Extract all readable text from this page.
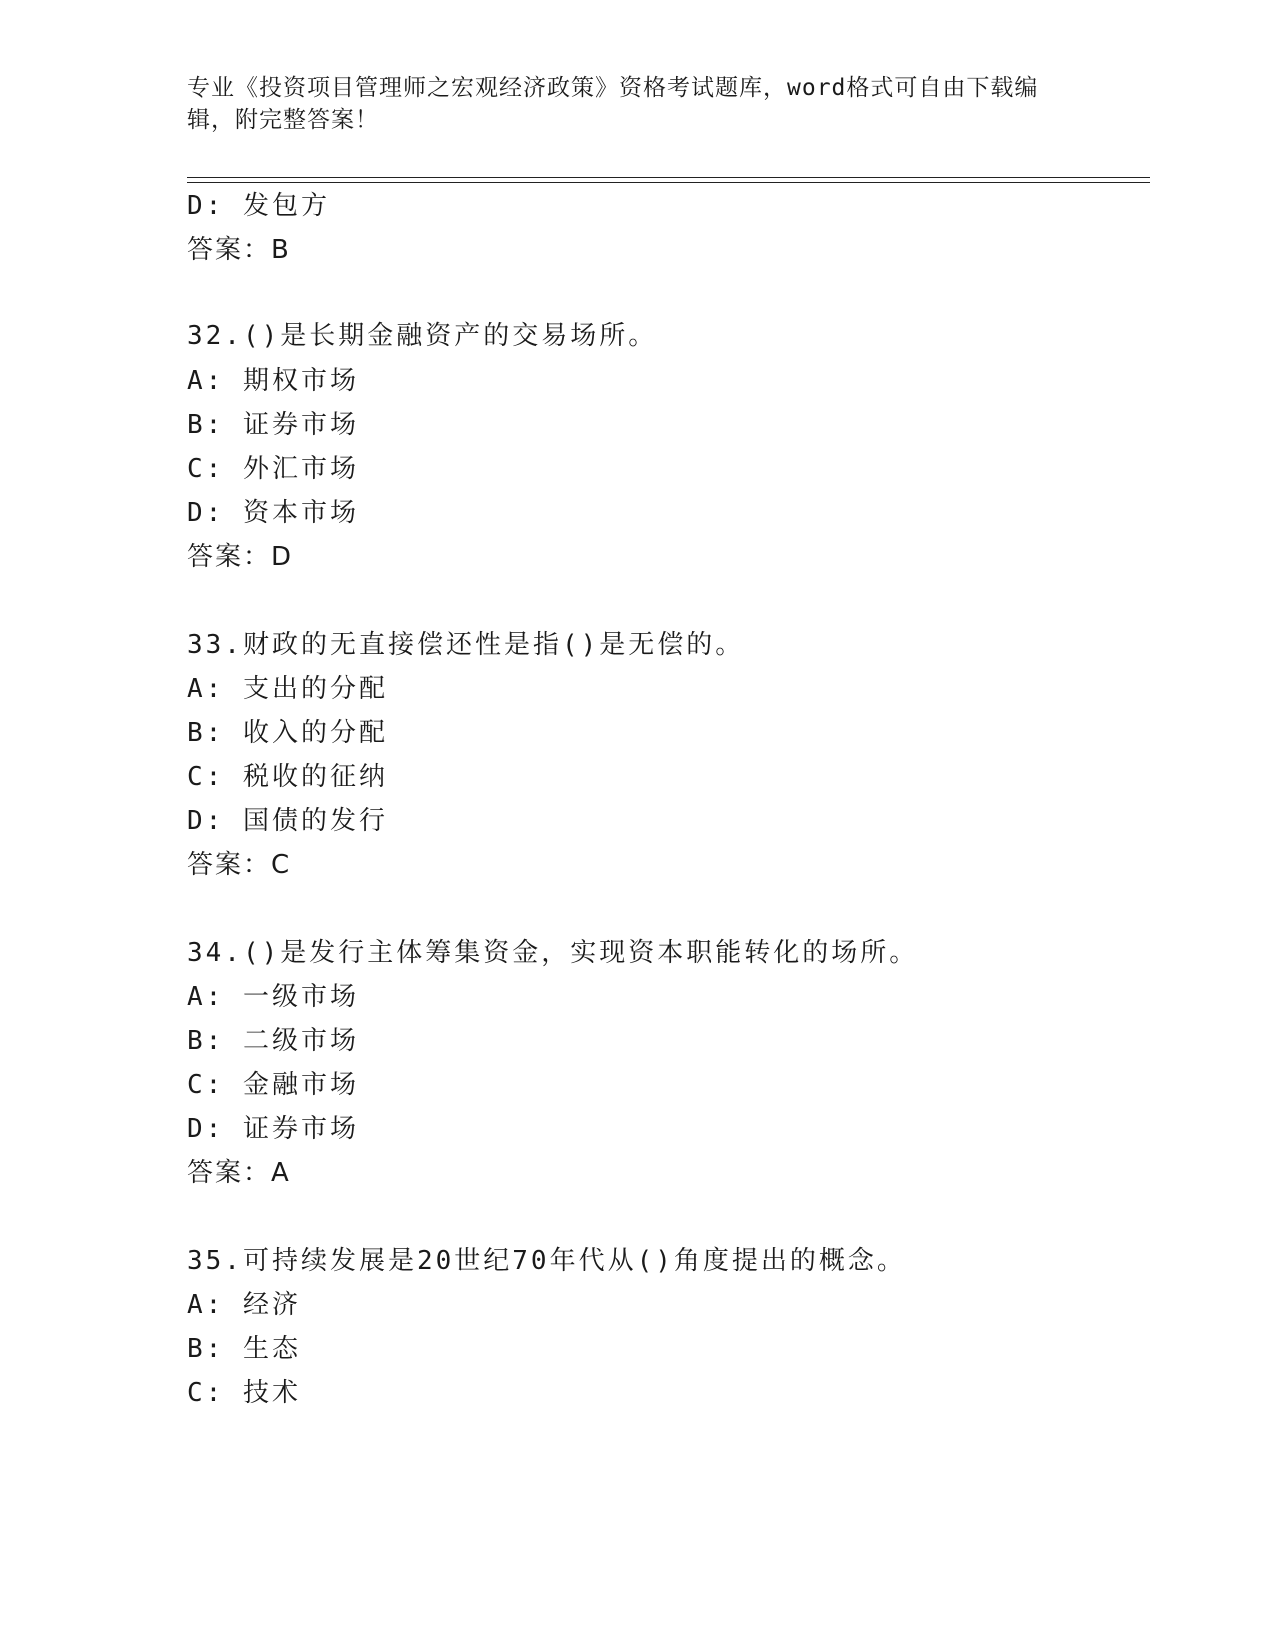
专业《投资项目管理师之宏观经济政策》资格考试题库，word格式可自由下载编辑，附完整答案！
D: 发包方
答案：B
32.()是长期金融资产的交易场所。
A: 期权市场
B: 证券市场
C: 外汇市场
D: 资本市场
答案：D
33.财政的无直接偿还性是指()是无偿的。
A: 支出的分配
B: 收入的分配
C: 税收的征纳
D: 国债的发行
答案：C
34.()是发行主体筹集资金，实现资本职能转化的场所。
A: 一级市场
B: 二级市场
C: 金融市场
D: 证券市场
答案：A
35.可持续发展是20世纪70年代从()角度提出的概念。
A: 经济
B: 生态
C: 技术
